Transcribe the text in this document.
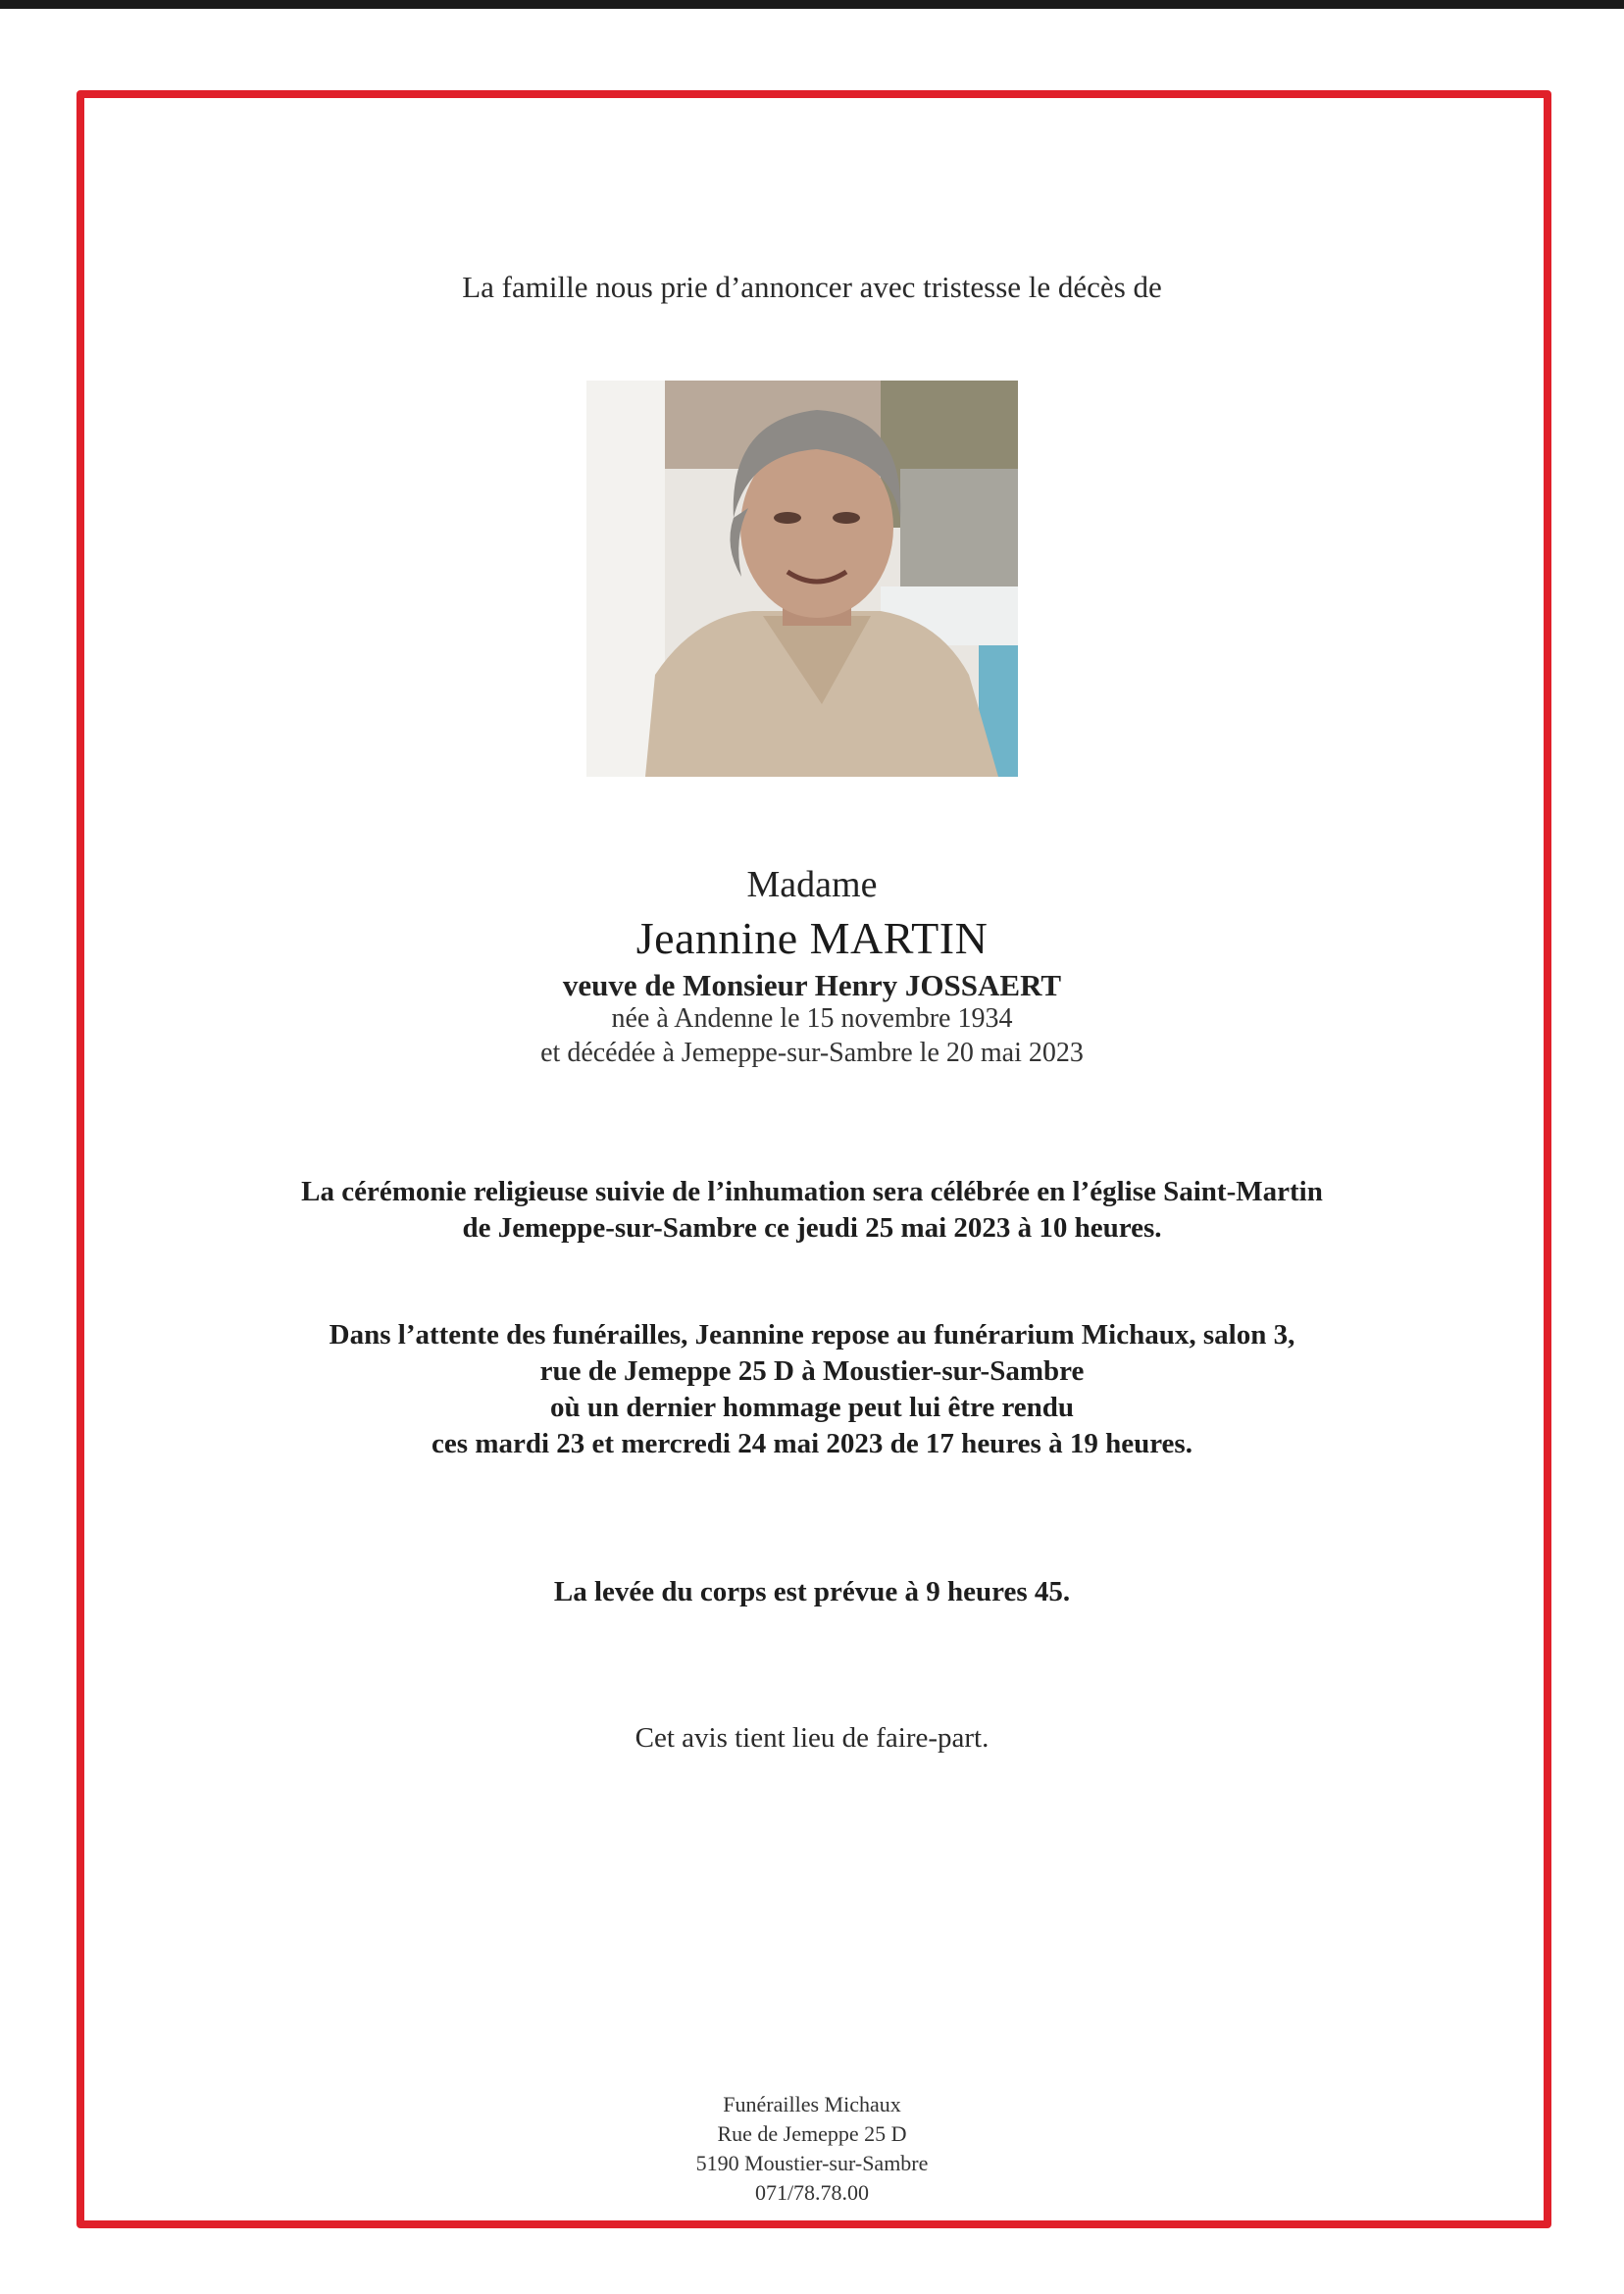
La famille nous prie d’annoncer avec tristesse le décès de
Madame
Jeannine MARTIN
veuve de Monsieur Henry JOSSAERT
née à Andenne le 15 novembre 1934
et décédée à Jemeppe-sur-Sambre le 20 mai 2023
La cérémonie religieuse suivie de l’inhumation sera célébrée en l’église Saint-Martin
de Jemeppe-sur-Sambre ce jeudi 25 mai 2023 à 10 heures.
Dans l’attente des funérailles, Jeannine repose au funérarium Michaux, salon 3,
rue de Jemeppe 25 D à Moustier-sur-Sambre
où un dernier hommage peut lui être rendu
ces mardi 23 et mercredi 24 mai 2023 de 17 heures à 19 heures.
La levée du corps est prévue à 9 heures 45.
Cet avis tient lieu de faire-part.
Funérailles Michaux
Rue de Jemeppe 25 D
5190 Moustier-sur-Sambre
071/78.78.00
